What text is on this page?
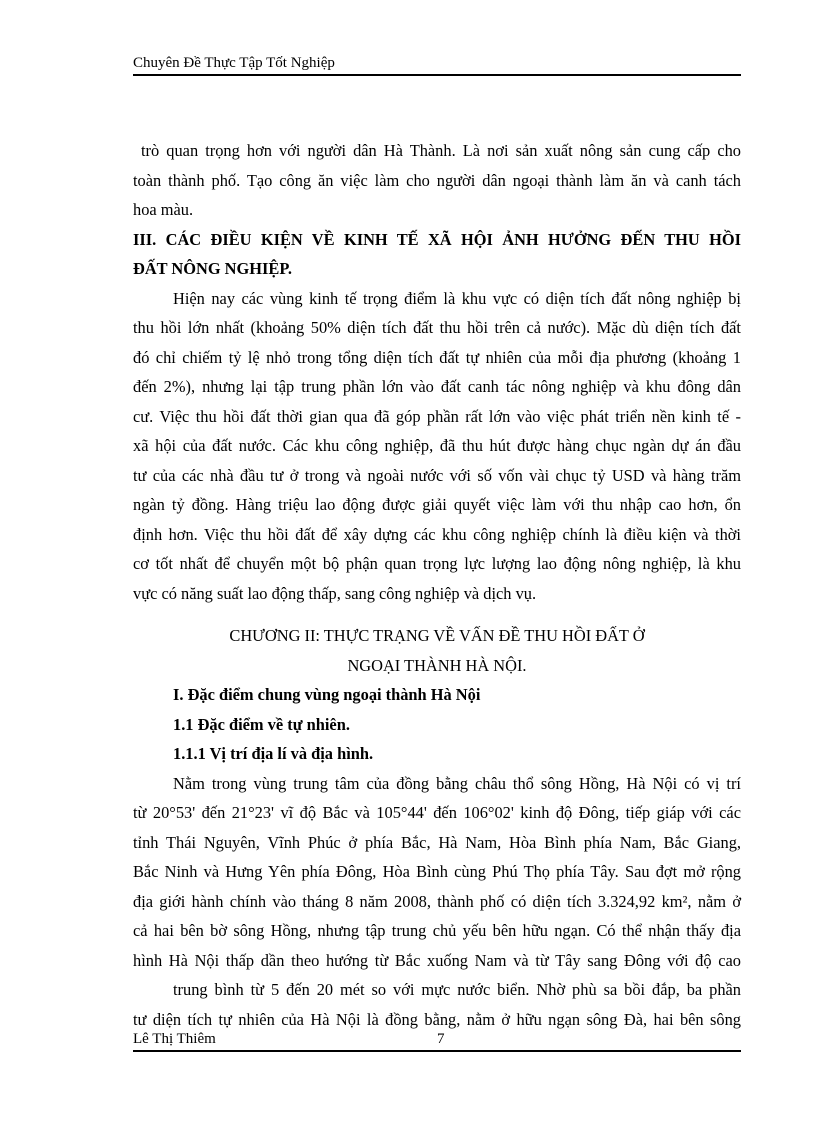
Chuyên Đề Thực Tập Tốt Nghiệp
trò quan trọng hơn với người dân Hà Thành. Là nơi sản xuất nông sản cung cấp cho
toàn thành phố. Tạo công ăn việc làm cho người dân ngoại thành làm ăn và canh tách
hoa màu.
III. CÁC ĐIỀU KIỆN VỀ KINH TẾ XÃ HỘI ẢNH HƯỞNG ĐẾN THU HỒI
ĐẤT NÔNG NGHIỆP.
Hiện nay các vùng kinh tế trọng điểm là khu vực có diện tích đất nông nghiệp bị
thu hồi lớn nhất (khoảng 50% diện tích đất thu hồi trên cả nước). Mặc dù diện tích đất
đó chỉ chiếm tỷ lệ nhỏ trong tổng diện tích đất tự nhiên của mỗi địa phương (khoảng 1
đến 2%), nhưng lại tập trung phần lớn vào đất canh tác nông nghiệp và khu đông dân
cư. Việc thu hồi đất thời gian qua đã góp phần rất lớn vào việc phát triển nền kinh tế -
xã hội của đất nước. Các khu công nghiệp, đã thu hút được hàng chục ngàn dự án đầu
tư của các nhà đầu tư ở trong và ngoài nước với số vốn vài chục tỷ USD và hàng trăm
ngàn tỷ đồng. Hàng triệu lao động được giải quyết việc làm với thu nhập cao hơn, ổn
định hơn. Việc thu hồi đất để xây dựng các khu công nghiệp chính là điều kiện và thời
cơ tốt nhất để chuyển một bộ phận quan trọng lực lượng lao động nông nghiệp, là khu
vực có năng suất lao động thấp, sang công nghiệp và dịch vụ.
CHƯƠNG II: THỰC TRẠNG VỀ VẤN ĐỀ THU HỒI ĐẤT Ở
NGOẠI THÀNH HÀ NỘI.
I. Đặc điểm chung vùng ngoại thành Hà Nội
1.1 Đặc điểm về tự nhiên.
1.1.1 Vị trí địa lí và địa hình.
Nằm trong vùng trung tâm của đồng bằng châu thổ sông Hồng, Hà Nội có vị trí
từ 20°53' đến 21°23' vĩ độ Bắc và 105°44' đến 106°02' kinh độ Đông, tiếp giáp với các
tỉnh Thái Nguyên, Vĩnh Phúc ở phía Bắc, Hà Nam, Hòa Bình phía Nam, Bắc Giang,
Bắc Ninh và Hưng Yên phía Đông, Hòa Bình cùng Phú Thọ phía Tây. Sau đợt mở rộng
địa giới hành chính vào tháng 8 năm 2008, thành phố có diện tích 3.324,92 km², nằm ở
cả hai bên bờ sông Hồng, nhưng tập trung chủ yếu bên hữu ngạn. Có thể nhận thấy địa
hình Hà Nội thấp dần theo hướng từ Bắc xuống Nam và từ Tây sang Đông với độ cao
trung bình từ 5 đến 20 mét so với mực nước biển. Nhờ phù sa bồi đắp, ba phần
tư diện tích tự nhiên của Hà Nội là đồng bằng, nằm ở hữu ngạn sông Đà, hai bên sông
Lê Thị Thiêm	7
